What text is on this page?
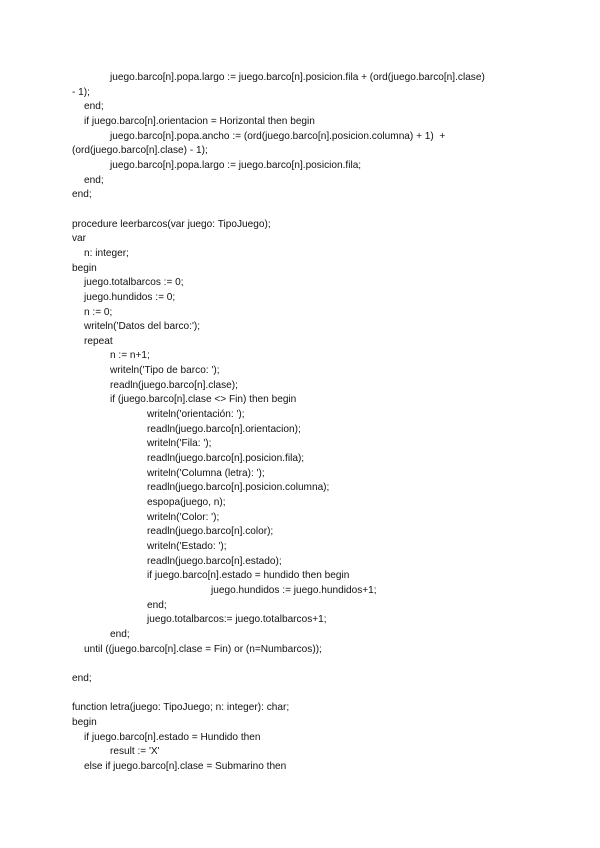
juego.barco[n].popa.largo := juego.barco[n].posicion.fila + (ord(juego.barco[n].clase)
- 1);
end;
if juego.barco[n].orientacion = Horizontal then begin
juego.barco[n].popa.ancho := (ord(juego.barco[n].posicion.columna) + 1)  +
(ord(juego.barco[n].clase) - 1);
juego.barco[n].popa.largo := juego.barco[n].posicion.fila;
end;
end;
procedure leerbarcos(var juego: TipoJuego);
var
n: integer;
begin
juego.totalbarcos := 0;
juego.hundidos := 0;
n := 0;
writeln('Datos del barco:');
repeat
n := n+1;
writeln('Tipo de barco: ');
readln(juego.barco[n].clase);
if (juego.barco[n].clase <> Fin) then begin
writeln('orientación: ');
readln(juego.barco[n].orientacion);
writeln('Fila: ');
readln(juego.barco[n].posicion.fila);
writeln('Columna (letra): ');
readln(juego.barco[n].posicion.columna);
espopa(juego, n);
writeln('Color: ');
readln(juego.barco[n].color);
writeln('Estado: ');
readln(juego.barco[n].estado);
if juego.barco[n].estado = hundido then begin
juego.hundidos := juego.hundidos+1;
end;
juego.totalbarcos:= juego.totalbarcos+1;
end;
until ((juego.barco[n].clase = Fin) or (n=Numbarcos));
end;
function letra(juego: TipoJuego; n: integer): char;
begin
if juego.barco[n].estado = Hundido then
result := 'X'
else if juego.barco[n].clase = Submarino then
